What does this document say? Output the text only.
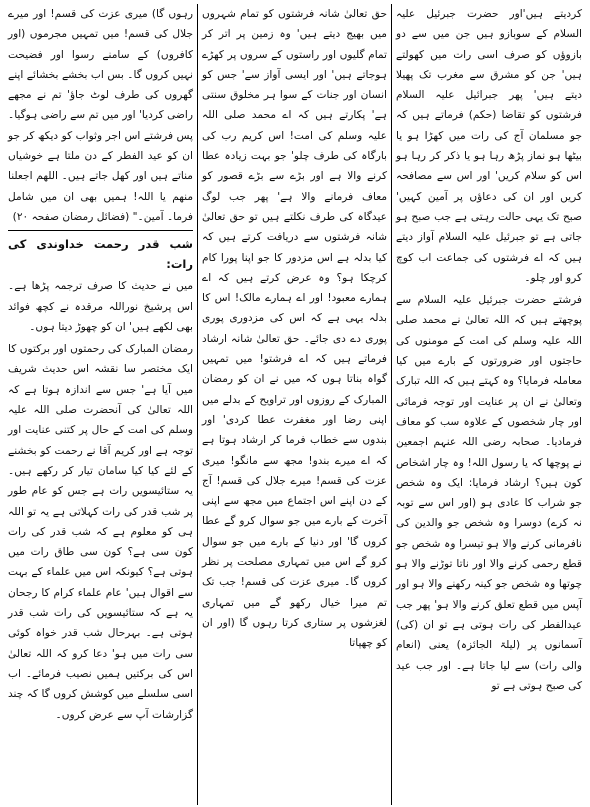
کردیتے ہیں'اور حضرت جبرئیل علیہ السلام کے سوبازو ہیں جن میں سے دو بازوؤں کو صرف اسی رات میں کھولتے ہیں' جن کو مشرق سے مغرب تک پھیلا دیتے ہیں' پھر جبرائیل علیہ السلام فرشتوں کو تقاضا (حکم) فرماتے ہیں کہ جو مسلمان آج کی رات میں کھڑا ہو یا بیٹھا ہو نماز پڑھ رہا ہو یا ذکر کر رہا ہو اس کو سلام کریں' اور اس سے مصافحہ کریں اور ان کی دعاؤں پر آمین کہیں' صبح تک یہی حالت رہتی ہے جب صبح ہو جاتی ہے تو جبرئیل علیہ السلام آواز دیتے ہیں کہ اے فرشتوں کی جماعت اب کوچ کرو اور چلو۔

فرشتے حضرت جبرئیل علیہ السلام سے پوچھتے ہیں کہ اللہ تعالیٰ نے محمد صلی اللہ علیہ وسلم کی امت کے مومنوں کی حاجتوں اور ضرورتوں کے بارے میں کیا معاملہ فرمایا؟ وہ کہتے ہیں کہ اللہ تبارک وتعالیٰ نے ان پر عنایت اور توجہ فرمائی اور چار شخصوں کے علاوہ سب کو معاف فرمادیا۔ صحابہ رضی اللہ عنہم اجمعین نے پوچھا کہ یا رسول اللہ! وہ چار اشخاص کون ہیں؟ ارشاد فرمایا: ایک وہ شخص جو شراب کا عادی ہو (اور اس سے توبہ نہ کرے) دوسرا وہ شخص جو والدین کی نافرمانی کرنے والا ہو تیسرا وہ شخص جو قطع رحمی کرنے والا اور ناتا توڑنے والا ہو چوتھا وہ شخص جو کینہ رکھنے والا ہو اور آپس میں قطع تعلق کرنے والا ہو' پھر جب عیدالفطر کی رات ہوتی ہے تو ان (کی) آسمانوں پر (لیلۃ الجائزہ) یعنی (انعام والی رات) سے لیا جاتا ہے۔ اور جب عید کی صبح ہوتی ہے تو

حق تعالیٰ شانہ فرشتوں کو تمام شہروں میں بھیج دیتے ہیں' وہ زمین پر اتر کر تمام گلیوں اور راستوں کے سروں پر کھڑے ہوجاتے ہیں' اور ایسی آواز سے' جس کو انسان اور جنات کے سوا ہر مخلوق سنتی ہے' پکارتے ہیں کہ اے محمد صلی اللہ علیہ وسلم کی امت! اس کریم رب کی بارگاہ کی طرف چلو' جو بہت زیادہ عطا کرنے والا ہے اور بڑے سے بڑے قصور کو معاف فرمانے والا ہے' پھر جب لوگ عیدگاہ کی طرف نکلتے ہیں تو حق تعالیٰ شانہ فرشتوں سے دریافت کرتے ہیں کہ کیا بدلہ ہے اس مزدور کا جو اپنا پورا کام کرچکا ہو؟ وہ عرض کرتے ہیں کہ اے ہمارے معبود! اور اے ہمارے مالک! اس کا بدلہ یہی ہے کہ اس کی مزدوری پوری پوری دے دی جائے۔ حق تعالیٰ شانہ ارشاد فرماتے ہیں کہ اے فرشتو! میں تمہیں گواہ بناتا ہوں کہ میں نے ان کو رمضان المبارک کے روزوں اور تراویح کے بدلے میں اپنی رضا اور مغفرت عطا کردی' اور بندوں سے خطاب فرما کر ارشاد ہوتا ہے کہ اے میرے بندو! مجھ سے مانگو! میری عزت کی قسم! میرے جلال کی قسم! آج کے دن اپنے اس اجتماع میں مجھ سے اپنی آخرت کے بارے میں جو سوال کرو گے عطا کروں گا' اور دنیا کے بارے میں جو سوال کرو گے اس میں تمہاری مصلحت پر نظر کروں گا۔ میری عزت کی قسم! جب تک تم میرا خیال رکھو گے میں تمہاری لغزشوں پر ستاری کرتا رہوں گا (اور ان کو چھپاتا

رہوں گا) میری عزت کی قسم! اور میرے جلال کی قسم! میں تمہیں مجرموں (اور کافروں) کے سامنے رسوا اور فضیحت نہیں کروں گا۔ بس اب بخشے بخشائے اپنے گھروں کی طرف لوٹ جاؤ' تم نے مجھے راضی کردیا' اور میں تم سے راضی ہوگیا۔ پس فرشتے اس اجر وثواب کو دیکھ کر جو ان کو عید الفطر کے دن ملتا ہے خوشیاں مناتے ہیں اور کھل جاتے ہیں۔ اللھم اجعلنا منھم یا اللہ! ہمیں بھی ان میں شامل فرما۔ آمین۔" (فضائل رمضان صفحہ ۲۰)

شب قدر رحمت خداوندی کی رات:

میں نے حدیث کا صرف ترجمہ پڑھا ہے۔ اس پرشیخ نوراللہ مرقدہ نے کچھ فوائد بھی لکھے ہیں' ان کو چھوڑ دیتا ہوں۔

رمضان المبارک کی رحمتوں اور برکتوں کا ایک مختصر سا نقشہ اس حدیث شریف میں آیا ہے' جس سے اندازہ ہوتا ہے کہ اللہ تعالیٰ کی آنحضرت صلی اللہ علیہ وسلم کی امت کے حال پر کتنی عنایت اور توجہ ہے اور کریم آقا نے رحمت کو بخشنے کے لئے کیا کیا سامان تیار کر رکھے ہیں۔ یہ ستائیسویں رات ہے جس کو عام طور پر شب قدر کی رات کہلاتی ہے یہ تو اللہ ہی کو معلوم ہے کہ شب قدر کی رات کون سی ہے؟ کون سی طاق رات میں ہوتی ہے؟ کیونکہ اس میں علماء کے بہت سے اقوال ہیں' عام علماء کرام کا رجحان یہ ہے کہ ستائیسویں کی رات شب قدر ہوتی ہے۔ بہرحال شب قدر خواہ کوئی سی رات میں ہو' دعا کرو کہ اللہ تعالیٰ اس کی برکتیں ہمیں نصیب فرمائے۔ اب اسی سلسلے میں کوشش کروں گا کہ چند گزارشات آپ سے عرض کروں۔
